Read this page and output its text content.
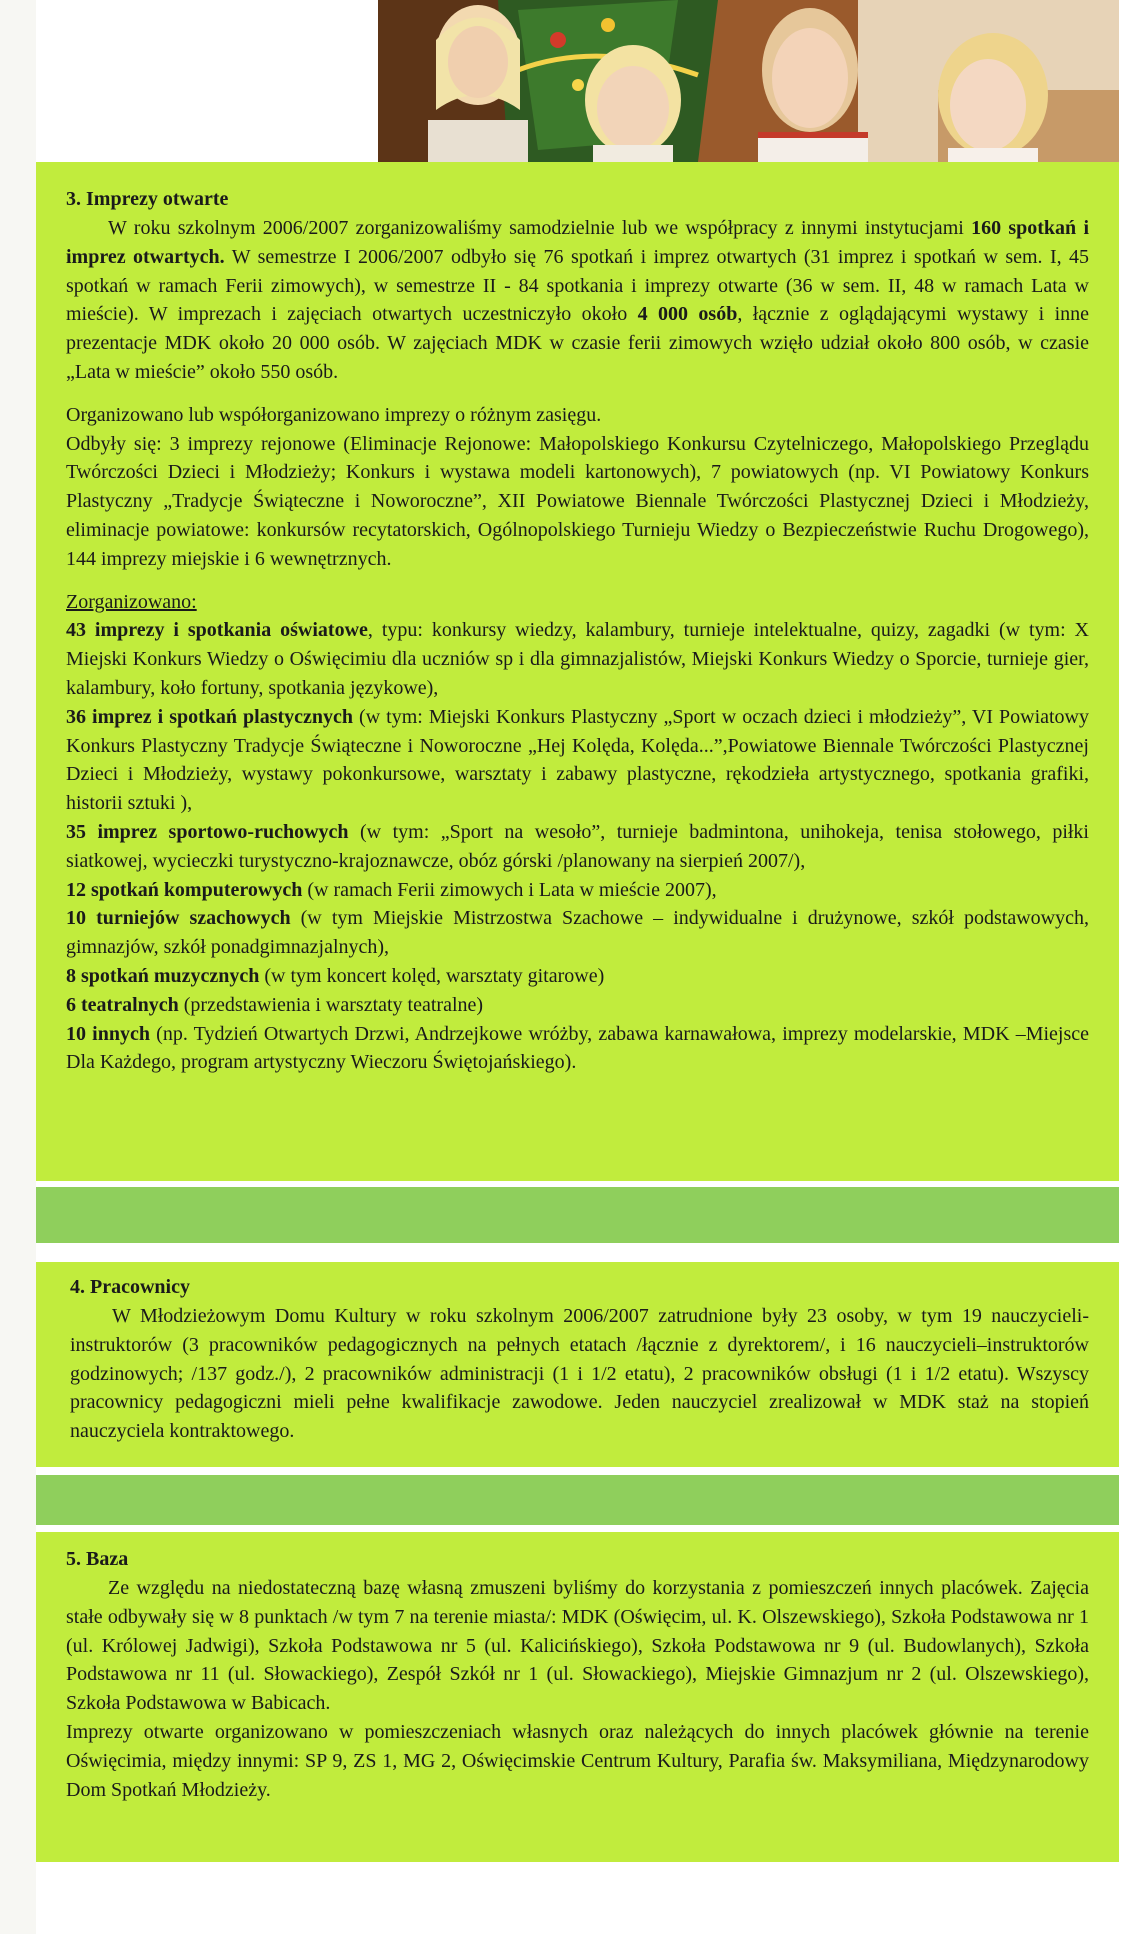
3. Imprezy otwarte

W roku szkolnym 2006/2007 zorganizowaliśmy samodzielnie lub we współpracy z innymi instytucjami 160 spotkań i imprez otwartych. W semestrze I 2006/2007 odbyło się 76 spotkań i imprez otwartych (31 imprez i spotkań w sem. I, 45 spotkań w ramach Ferii zimowych), w semestrze II - 84 spotkania i imprezy otwarte (36 w sem. II, 48 w ramach Lata w mieście). W imprezach i zajęciach otwartych uczestniczyło około 4 000 osób, łącznie z oglądającymi wystawy i inne prezentacje MDK około 20 000 osób. W zajęciach MDK w czasie ferii zimowych wzięło udział około 800 osób, w czasie „Lata w mieście” około 550 osób.

Organizowano lub współorganizowano imprezy o różnym zasięgu.

Odbyły się: 3 imprezy rejonowe (Eliminacje Rejonowe: Małopolskiego Konkursu Czytelniczego, Małopolskiego Przeglądu Twórczości Dzieci i Młodzieży; Konkurs i wystawa modeli kartonowych), 7 powiatowych (np. VI Powiatowy Konkurs Plastyczny „Tradycje Świąteczne i Noworoczne”, XII Powiatowe Biennale Twórczości Plastycznej Dzieci i Młodzieży, eliminacje powiatowe: konkursów recytatorskich, Ogólnopolskiego Turnieju Wiedzy o Bezpieczeństwie Ruchu Drogowego), 144 imprezy miejskie i 6 wewnętrznych.

Zorganizowano:

43 imprezy i spotkania oświatowe, typu: konkursy wiedzy, kalambury, turnieje intelektualne, quizy, zagadki (w tym: X Miejski Konkurs Wiedzy o Oświęcimiu dla uczniów sp i dla gimnazjalistów, Miejski Konkurs Wiedzy o Sporcie, turnieje gier, kalambury, koło fortuny, spotkania językowe),

36 imprez i spotkań plastycznych (w tym: Miejski Konkurs Plastyczny „Sport w oczach dzieci i młodzieży”, VI Powiatowy Konkurs Plastyczny Tradycje Świąteczne i Noworoczne „Hej Kolęda, Kolęda...”,Powiatowe Biennale Twórczości Plastycznej Dzieci i Młodzieży, wystawy pokonkursowe, warsztaty i zabawy plastyczne, rękodzieła artystycznego, spotkania grafiki, historii sztuki ),

35 imprez sportowo-ruchowych (w tym: „Sport na wesoło”, turnieje badmintona, unihokeja, tenisa stołowego, piłki siatkowej, wycieczki turystyczno-krajoznawcze, obóz górski /planowany na sierpień 2007/),

12 spotkań komputerowych (w ramach Ferii zimowych i Lata w mieście 2007),

10 turniejów szachowych (w tym Miejskie Mistrzostwa Szachowe – indywidualne i drużynowe, szkół podstawowych, gimnazjów, szkół ponadgimnazjalnych),

8 spotkań muzycznych (w tym koncert kolęd, warsztaty gitarowe)

6 teatralnych (przedstawienia i warsztaty teatralne)

10 innych (np. Tydzień Otwartych Drzwi, Andrzejkowe wróżby, zabawa karnawałowa, imprezy modelarskie, MDK –Miejsce Dla Każdego, program artystyczny Wieczoru Świętojańskiego).

4. Pracownicy

W Młodzieżowym Domu Kultury w roku szkolnym 2006/2007 zatrudnione były 23 osoby, w tym 19 nauczycieli-instruktorów (3 pracowników pedagogicznych na pełnych etatach /łącznie z dyrektorem/, i 16 nauczycieli–instruktorów godzinowych; /137 godz./), 2 pracowników administracji (1 i 1/2 etatu), 2 pracowników obsługi (1 i 1/2 etatu). Wszyscy pracownicy pedagogiczni mieli pełne kwalifikacje zawodowe. Jeden nauczyciel zrealizował w MDK staż na stopień nauczyciela kontraktowego.

5. Baza

Ze względu na niedostateczną bazę własną zmuszeni byliśmy do korzystania z pomieszczeń innych placówek. Zajęcia stałe odbywały się w 8 punktach /w tym 7 na terenie miasta/: MDK (Oświęcim, ul. K. Olszewskiego), Szkoła Podstawowa nr 1 (ul. Królowej Jadwigi), Szkoła Podstawowa nr 5 (ul. Kalicińskiego), Szkoła Podstawowa nr 9 (ul. Budowlanych), Szkoła Podstawowa nr 11 (ul. Słowackiego), Zespół Szkół nr 1 (ul. Słowackiego), Miejskie Gimnazjum nr 2 (ul. Olszewskiego), Szkoła Podstawowa w Babicach.

Imprezy otwarte organizowano w pomieszczeniach własnych oraz należących do innych placówek głównie na terenie Oświęcimia, między innymi: SP 9, ZS 1, MG 2, Oświęcimskie Centrum Kultury, Parafia św. Maksymiliana, Międzynarodowy Dom Spotkań Młodzieży.
